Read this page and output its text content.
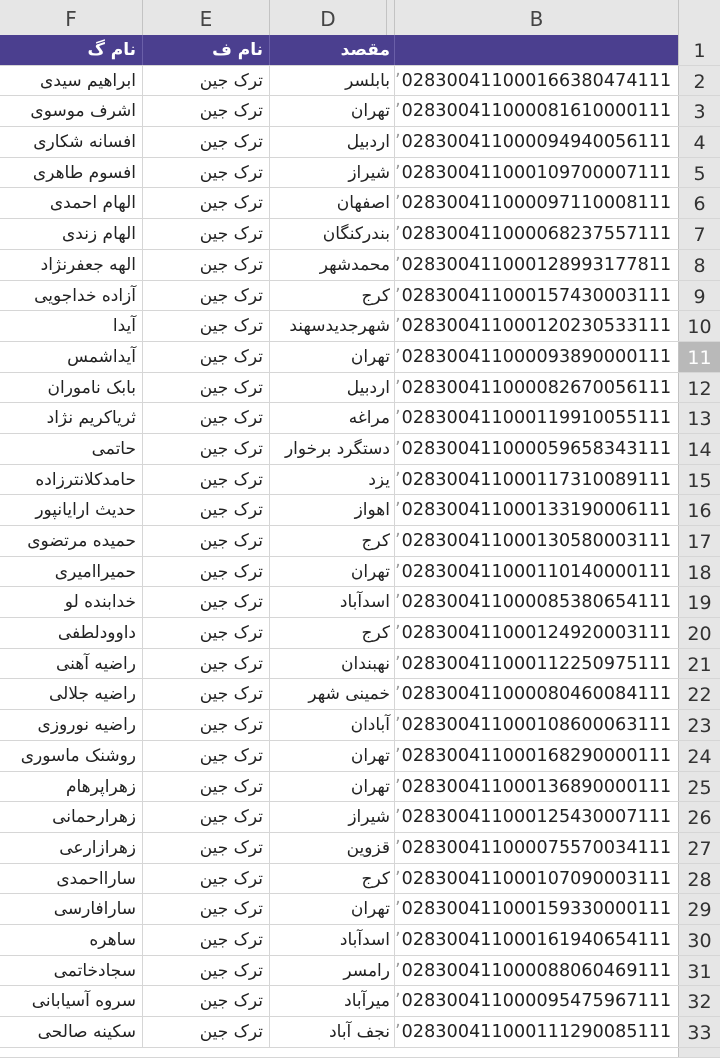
F	E	D	B
نام گ	نام ف	مقصد	1
ابراهیم سیدی	ترک جین	بابلسر ʼ028300411000166380474111	2
اشرف موسوی	ترک جین	تهران ʼ028300411000081610000111	3
افسانه شکاری	ترک جین	اردبیل ʼ028300411000094940056111	4
افسوم طاهری	ترک جین	شیراز ʼ028300411000109700007111	5
الهام احمدی	ترک جین	اصفهان ʼ028300411000097110008111	6
الهام زندی	ترک جین	بندرکنگان ʼ028300411000068237557111	7
الهه جعفرنژاد	ترک جین	محمدشهر ʼ028300411000128993177811	8
آزاده خداجویی	ترک جین	کرج ʼ028300411000157430003111	9
آیدا	ترک جین	شهرجدیدسهند ʼ028300411000120230533111 10
آیداشمس	ترک جین	تهران ʼ028300411000093890000111 11
بابک ناموران	ترک جین	اردبیل ʼ028300411000082670056111 12
ثریاکریم نژاد	ترک جین	مراغه ʼ028300411000119910055111 13
حاتمی	ترک جین	دستگرد برخوار ʼ028300411000059658343111 14
حامدکلانترزاده	ترک جین	یزد ʼ028300411000117310089111 15
حدیث ارایانپور	ترک جین	اهواز ʼ028300411000133190006111 16
حمیده مرتضوی	ترک جین	کرج ʼ028300411000130580003111 17
حمیراامیری	ترک جین	تهران ʼ028300411000110140000111 18
خدابنده لو	ترک جین	اسدآباد ʼ028300411000085380654111 19
داوودلطفی	ترک جین	کرج ʼ028300411000124920003111 20
راضیه آهنی	ترک جین	نهبندان ʼ028300411000112250975111 21
راضیه جلالی	ترک جین	خمینی شهر ʼ028300411000080460084111 22
راضیه نوروزی	ترک جین	آبادان ʼ028300411000108600063111 23
روشنک ماسوری	ترک جین	تهران ʼ028300411000168290000111 24
زهراپرهام	ترک جین	تهران ʼ028300411000136890000111 25
زهرارحمانی	ترک جین	شیراز ʼ028300411000125430007111 26
زهرازارعی	ترک جین	قزوین ʼ028300411000075570034111 27
سارااحمدی	ترک جین	کرج ʼ028300411000107090003111 28
سارافارسی	ترک جین	تهران ʼ028300411000159330000111 29
ساهره	ترک جین	اسدآباد ʼ028300411000161940654111 30
سجادخاتمی	ترک جین	رامسر ʼ028300411000088060469111 31
سروه آسیابانی	ترک جین	میرآباد ʼ028300411000095475967111 32
سکینه صالحی	ترک جین	نجف آباد ʼ028300411000111290085111 33
